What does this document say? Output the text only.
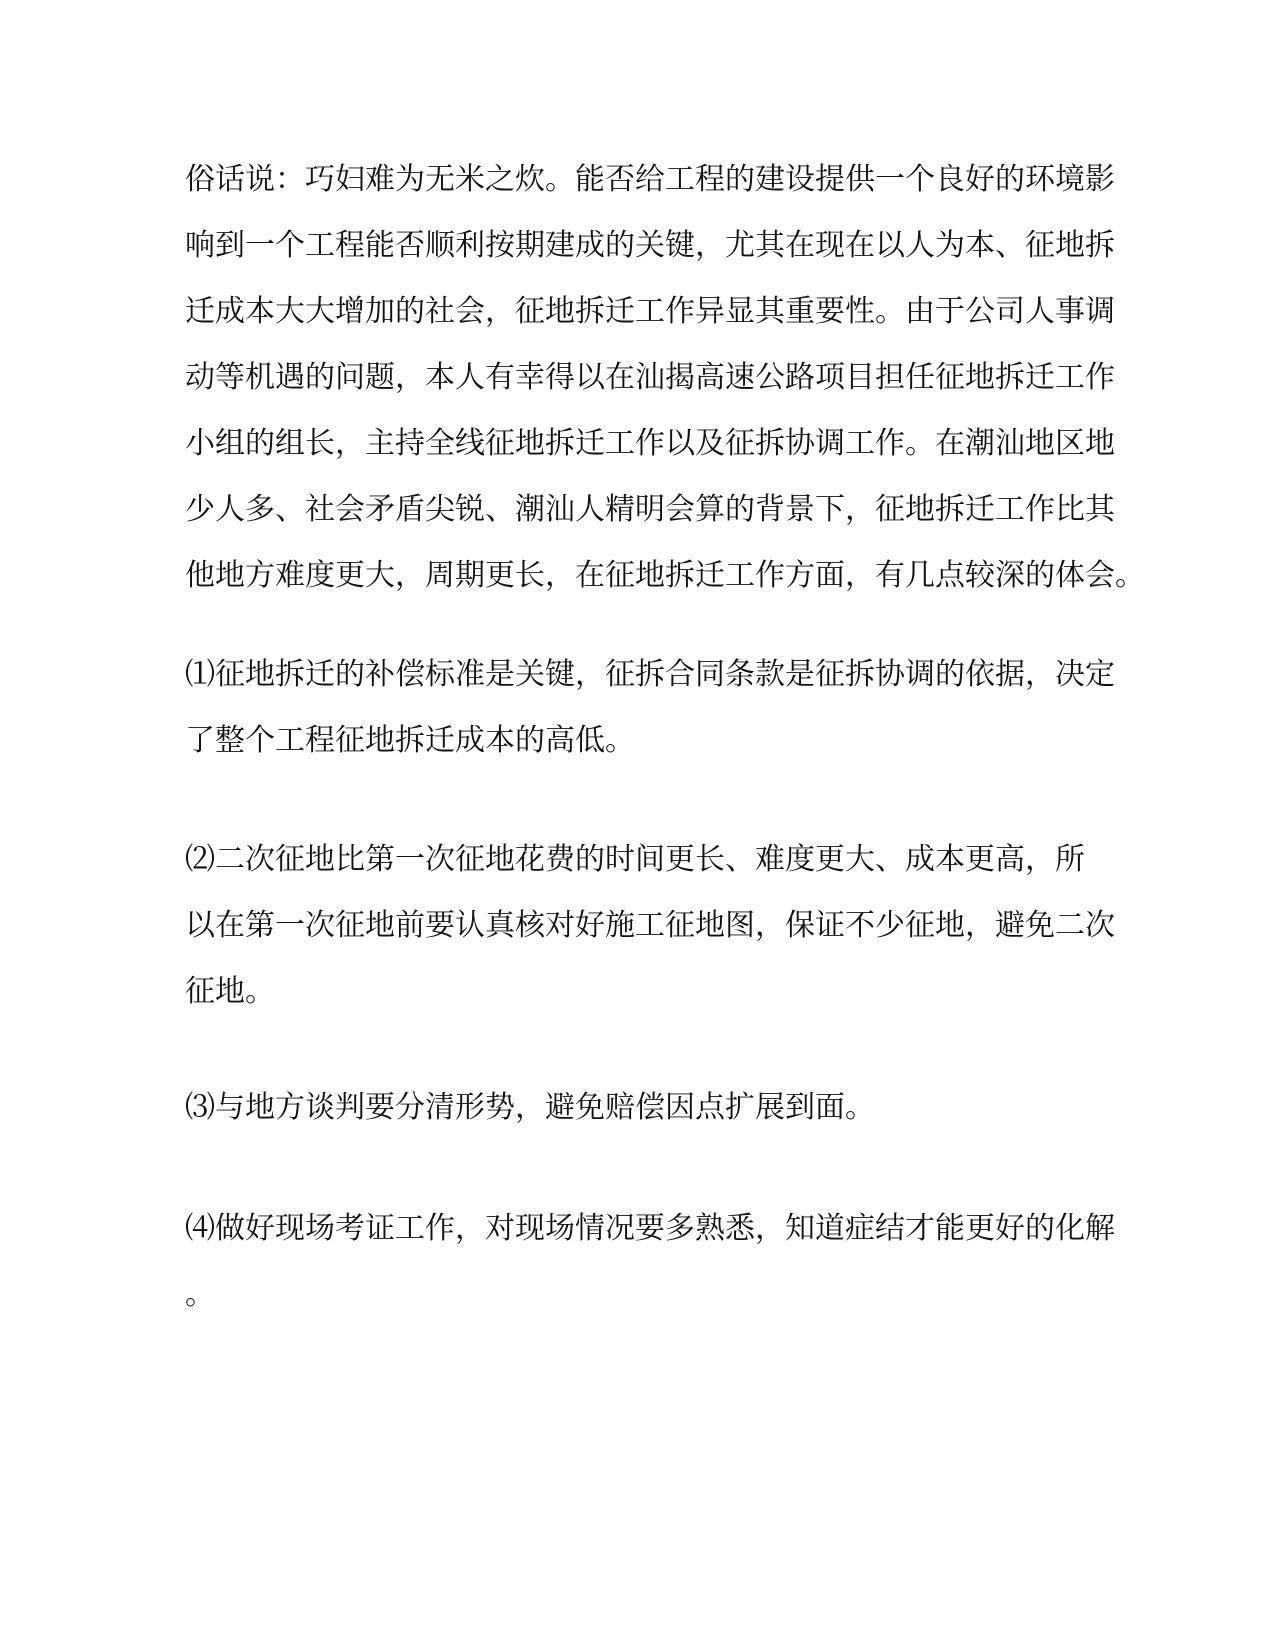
俗话说：巧妇难为无米之炊。能否给工程的建设提供一个良好的环境影
响到一个工程能否顺利按期建成的关键，尤其在现在以人为本、征地拆
迁成本大大增加的社会，征地拆迁工作异显其重要性。由于公司人事调
动等机遇的问题，本人有幸得以在汕揭高速公路项目担任征地拆迁工作
小组的组长，主持全线征地拆迁工作以及征拆协调工作。在潮汕地区地
少人多、社会矛盾尖锐、潮汕人精明会算的背景下，征地拆迁工作比其
他地方难度更大，周期更长，在征地拆迁工作方面，有几点较深的体会。
⑴征地拆迁的补偿标准是关键，征拆合同条款是征拆协调的依据，决定
了整个工程征地拆迁成本的高低。
⑵二次征地比第一次征地花费的时间更长、难度更大、成本更高，所
以在第一次征地前要认真核对好施工征地图，保证不少征地，避免二次
征地。
⑶与地方谈判要分清形势，避免赔偿因点扩展到面。
⑷做好现场考证工作，对现场情况要多熟悉，知道症结才能更好的化解
。
